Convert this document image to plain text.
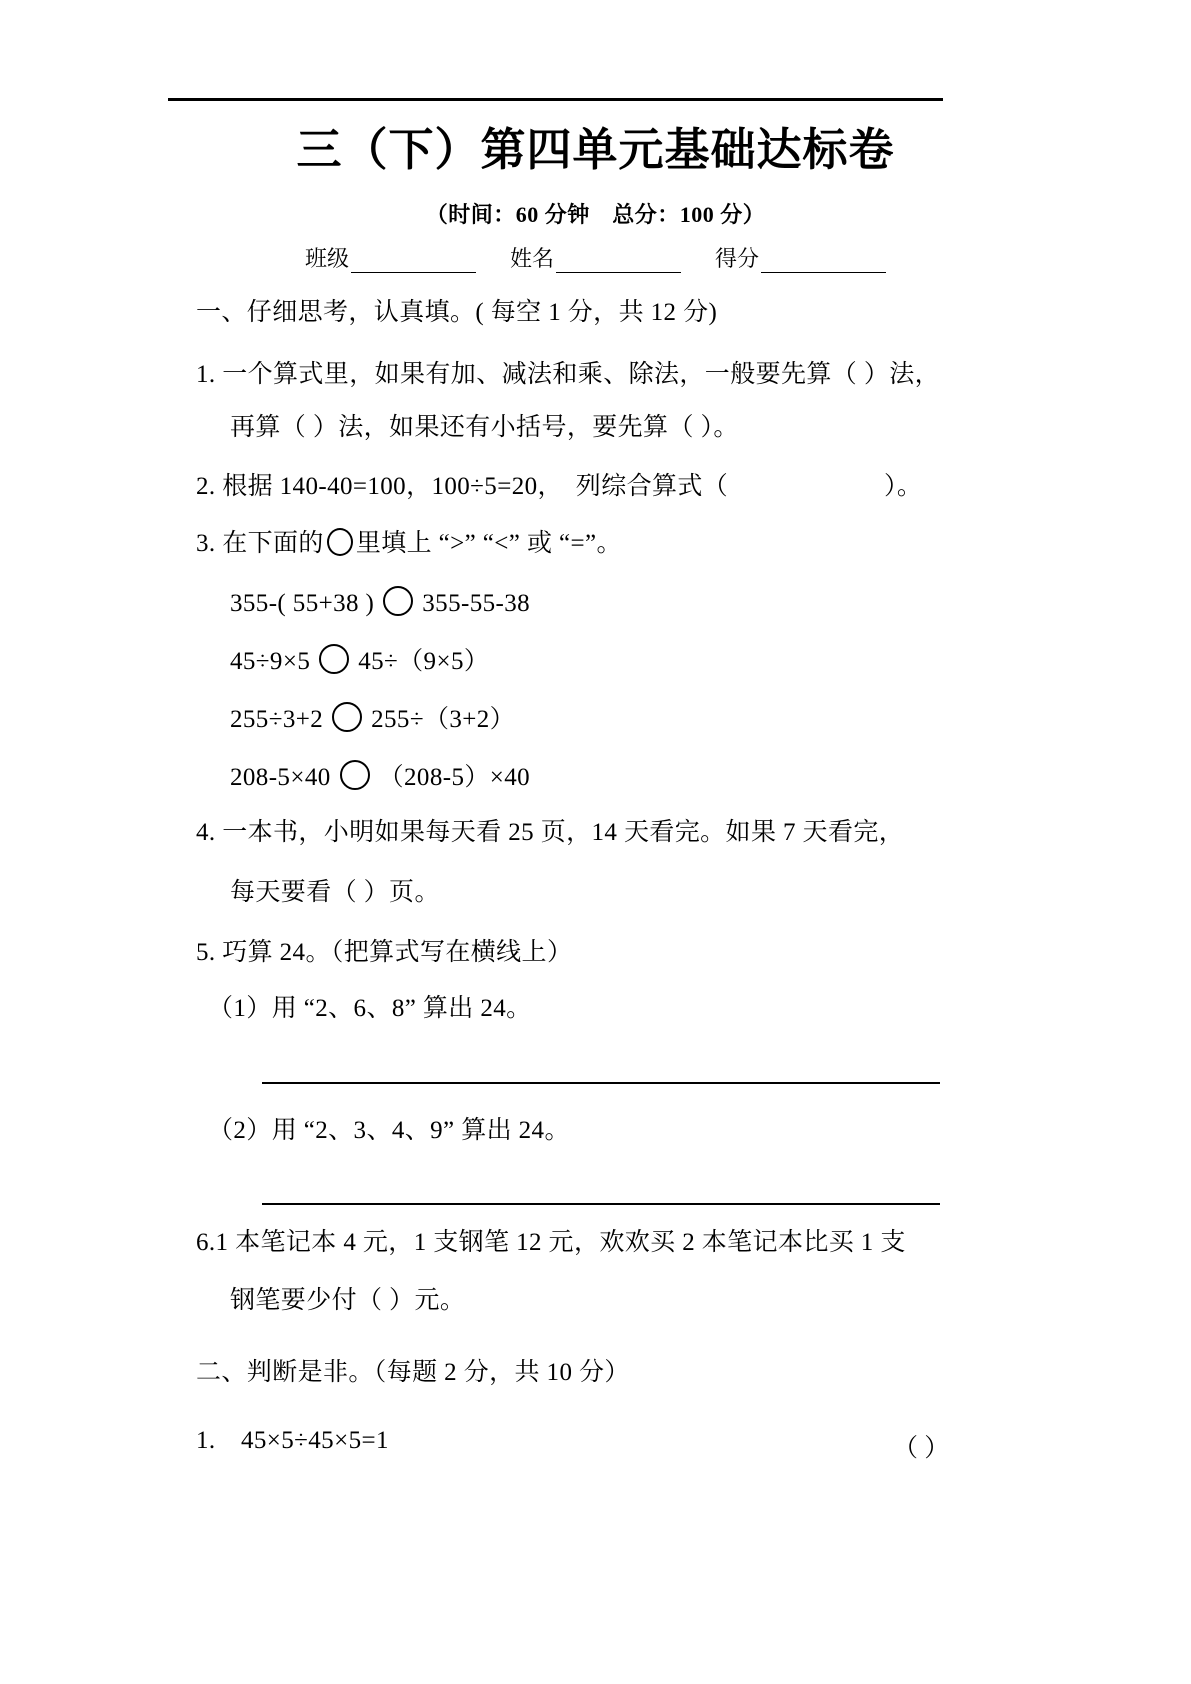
三（下）第四单元基础达标卷
（时间：60 分钟　总分：100 分）
班级	姓名	得分
一、仔细思考，认真填。( 每空 1 分，共 12 分)
1. 一个算式里，如果有加、减法和乘、除法，一般要先算（ ）法，
再算（ ）法，如果还有小括号，要先算（ ）。
2. 根据 140-40=100，100÷5=20，　列综合算式（	）。
3. 在下面的 里填上 “>” “<” 或 “=”。
355-( 55+38 ) 355-55-38
45÷9×5 45÷（9×5）
255÷3+2 255÷（3+2）
208-5×40 （208-5）×40
4. 一本书，小明如果每天看 25 页，14 天看完。如果 7 天看完，
每天要看（ ）页。
5. 巧算 24。（把算式写在横线上）
（1）用 “2、6、8” 算出 24。
（2）用 “2、3、4、9” 算出 24。
6.1 本笔记本 4 元，1 支钢笔 12 元，欢欢买 2 本笔记本比买 1 支
钢笔要少付（ ）元。
二、判断是非。（每题 2 分，共 10 分）
1.　45×5÷45×5=1	（ ）
